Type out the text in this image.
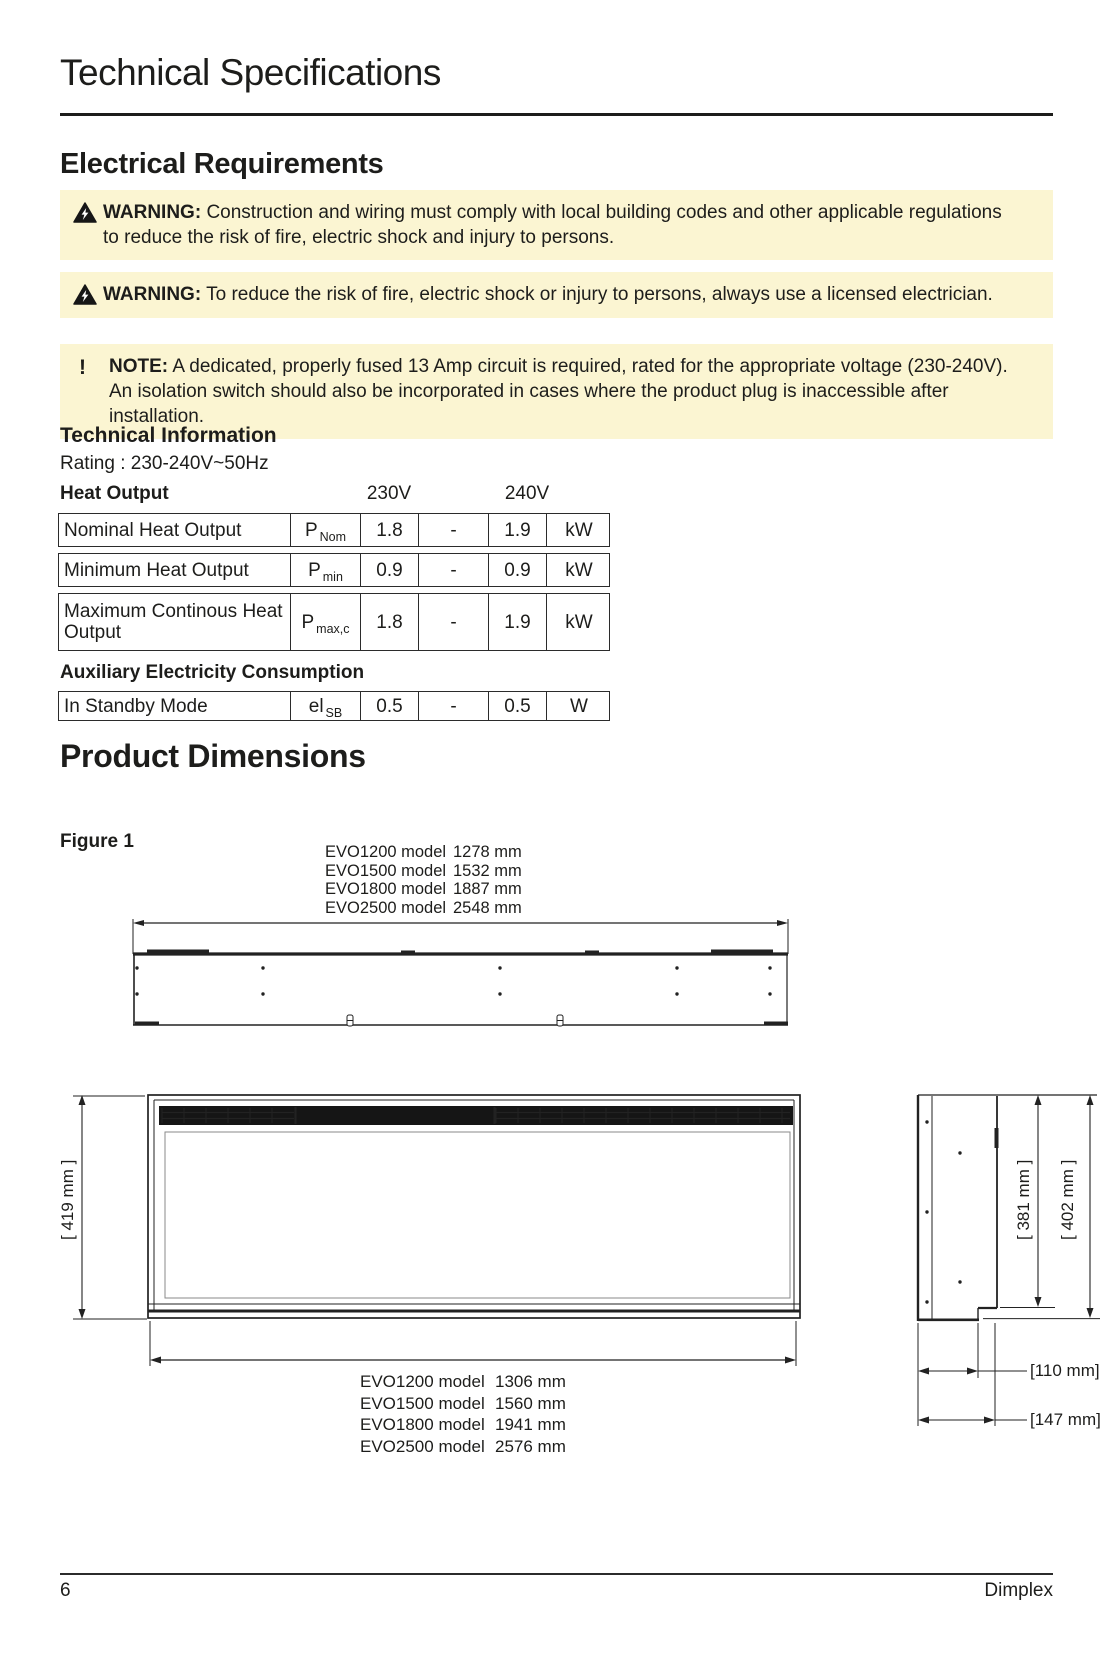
Technical Specifications
Electrical Requirements
WARNING: Construction and wiring must comply with local building codes and other applicable regulations to reduce the risk of fire, electric shock and injury to persons.
WARNING: To reduce the risk of fire, electric shock or injury to persons, always use a licensed electrician.
!	NOTE: A dedicated, properly fused 13 Amp circuit is required, rated for the appropriate voltage (230-240V). An isolation switch should also be incorporated in cases where the product plug is inaccessible after installation.
Technical Information
Rating : 230-240V~50Hz
Heat Output	230V	240V
Nominal Heat Output	P Nom	1.8	-	1.9	kW
Minimum Heat Output	P min	0.9	-	0.9	kW
Maximum Continous Heat Output	P max,c	1.8	-	1.9	kW
Auxiliary Electricity Consumption
In Standby Mode	el SB	0.5	-	0.5	W
Product Dimensions
Figure 1	EVO1200 model 1278 mm
EVO1500 model 1532 mm
EVO1800 model 1887 mm
EVO2500 model 2548 mm
[ 419 mm ]	[ 381 mm ] [ 402 mm ]
[110 mm]
[147 mm]
EVO1200 model 1306 mm
EVO1500 model 1560 mm
EVO1800 model 1941 mm
EVO2500 model 2576 mm
6	Dimplex
